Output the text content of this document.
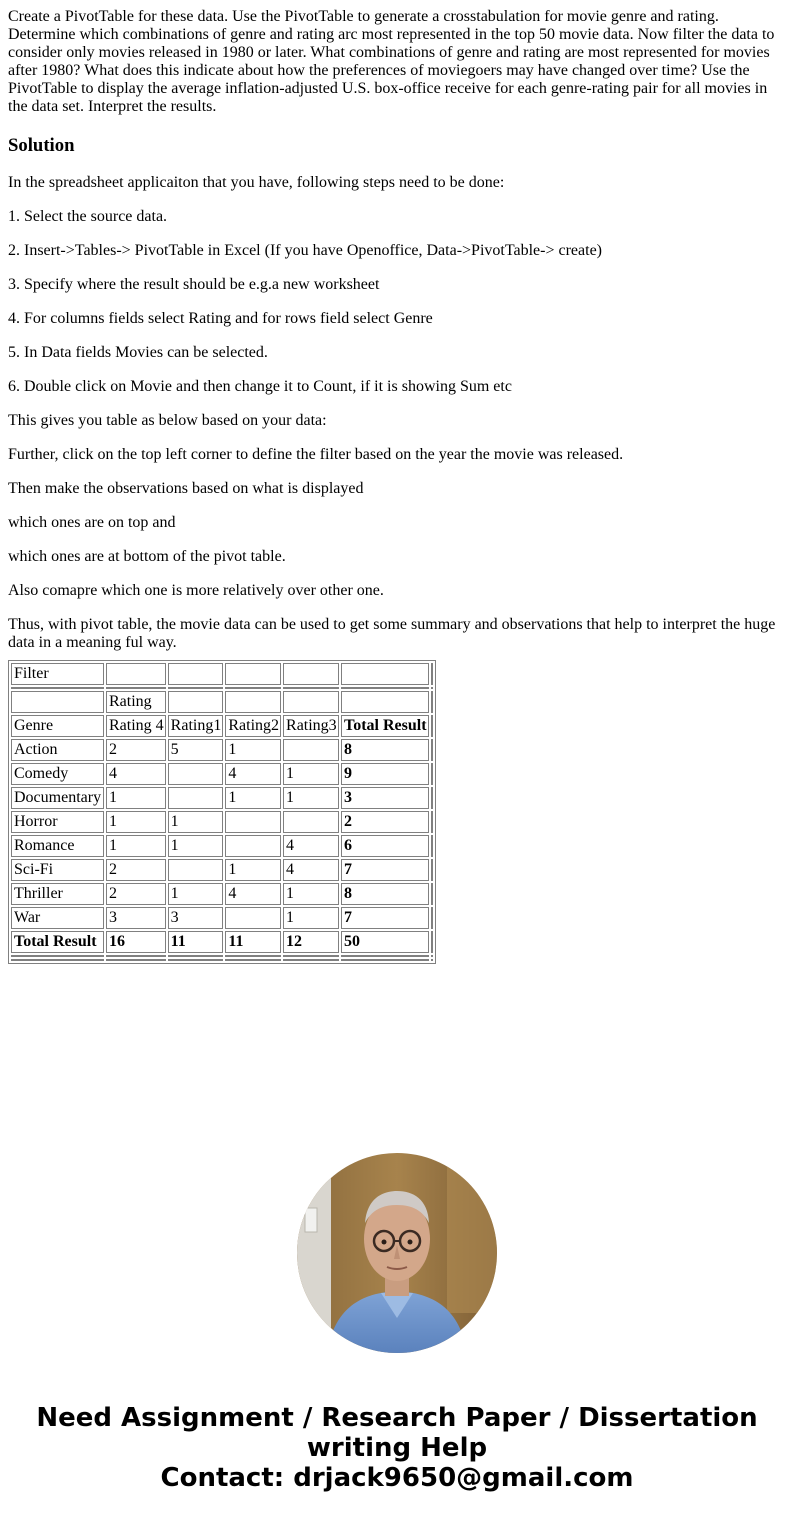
Create a PivotTable for these data. Use the PivotTable to generate a crosstabulation for movie genre and rating. Determine which combinations of genre and rating arc most represented in the top 50 movie data. Now filter the data to consider only movies released in 1980 or later. What combinations of genre and rating are most represented for movies after 1980? What does this indicate about how the preferences of moviegoers may have changed over time? Use the PivotTable to display the average inflation-adjusted U.S. box-office receive for each genre-rating pair for all movies in the data set. Interpret the results.

Solution

In the spreadsheet applicaiton that you have, following steps need to be done:

1. Select the source data.

2. Insert->Tables-> PivotTable in Excel (If you have Openoffice, Data->PivotTable-> create)

3. Specify where the result should be e.g.a new worksheet

4. For columns fields select Rating and for rows field select Genre

5. In Data fields Movies can be selected.

6. Double click on Movie and then change it to Count, if it is showing Sum etc

This gives you table as below based on your data:

Further, click on the top left corner to define the filter based on the year the movie was released.

Then make the observations based on what is displayed

which ones are on top and

which ones are at bottom of the pivot table.

Also comapre which one is more relatively over other one.

Thus, with pivot table, the movie data can be used to get some summary and observations that help to interpret the huge data in a meaning ful way.

Filter						

	Rating					
Genre	Rating 4	Rating1	Rating2	Rating3	Total Result	
Action	2	5	1		8	
Comedy	4		4	1	9	
Documentary	1		1	1	3	
Horror	1	1			2	
Romance	1	1		4	6	
Sci-Fi	2		1	4	7	
Thriller	2	1	4	1	8	
War	3	3		1	7	
Total Result	16	11	11	12	50	

Need Assignment / Research Paper / Dissertation
writing Help
Contact: drjack9650@gmail.com
